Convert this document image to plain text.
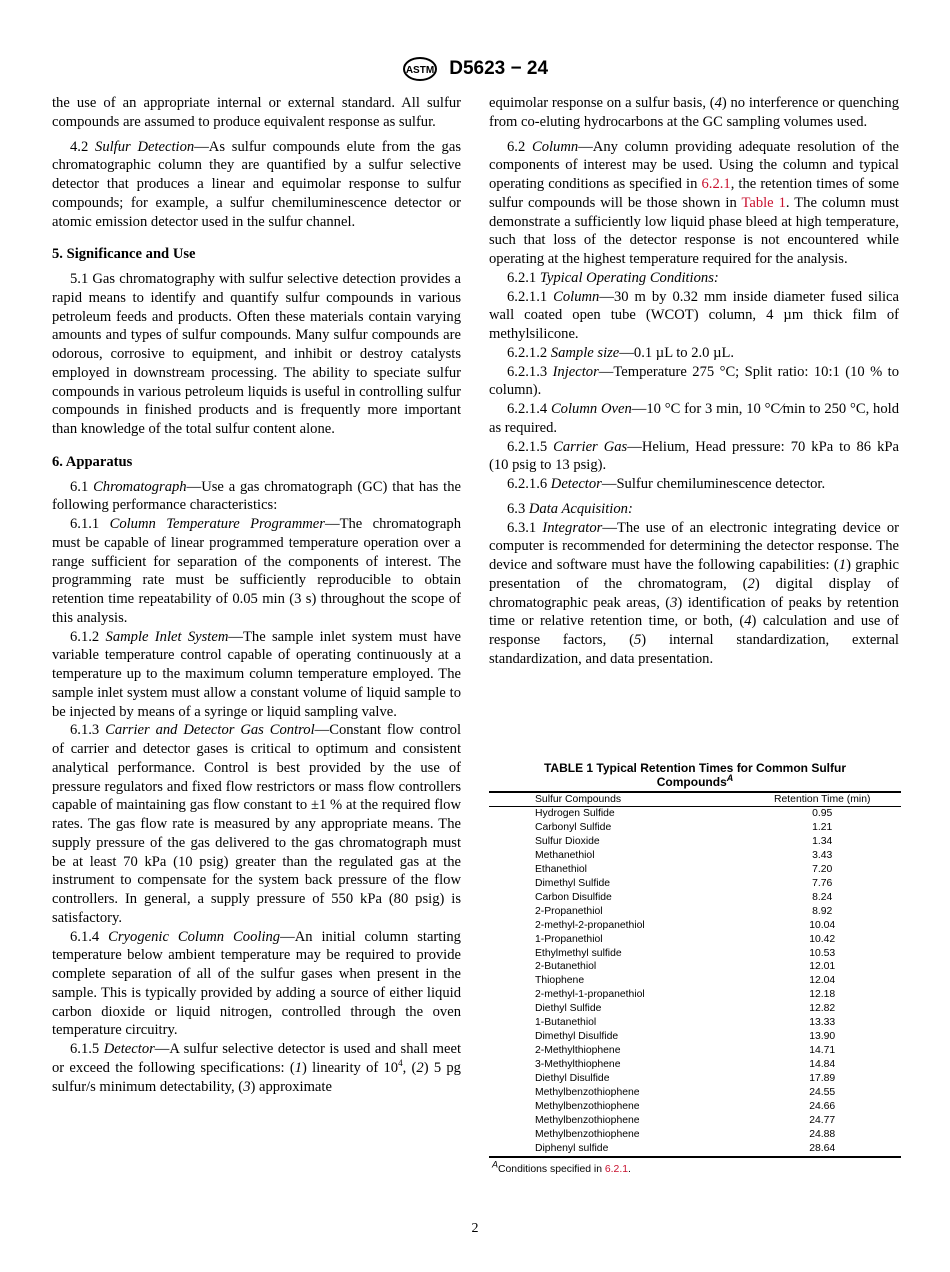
ASTM D5623 − 24

the use of an appropriate internal or external standard. All sulfur compounds are assumed to produce equivalent response as sulfur.

4.2 Sulfur Detection—As sulfur compounds elute from the gas chromatographic column they are quantified by a sulfur selective detector that produces a linear and equimolar response to sulfur compounds; for example, a sulfur chemiluminescence detector or atomic emission detector used in the sulfur channel.

5. Significance and Use

5.1 Gas chromatography with sulfur selective detection provides a rapid means to identify and quantify sulfur compounds in various petroleum feeds and products. Often these materials contain varying amounts and types of sulfur compounds. Many sulfur compounds are odorous, corrosive to equipment, and inhibit or destroy catalysts employed in downstream processing. The ability to speciate sulfur compounds in various petroleum liquids is useful in controlling sulfur compounds in finished products and is frequently more important than knowledge of the total sulfur content alone.

6. Apparatus

6.1 Chromatograph—Use a gas chromatograph (GC) that has the following performance characteristics:

6.1.1 Column Temperature Programmer—The chromatograph must be capable of linear programmed temperature operation over a range sufficient for separation of the components of interest. The programming rate must be sufficiently reproducible to obtain retention time repeatability of 0.05 min (3 s) throughout the scope of this analysis.

6.1.2 Sample Inlet System—The sample inlet system must have variable temperature control capable of operating continuously at a temperature up to the maximum column temperature employed. The sample inlet system must allow a constant volume of liquid sample to be injected by means of a syringe or liquid sampling valve.

6.1.3 Carrier and Detector Gas Control—Constant flow control of carrier and detector gases is critical to optimum and consistent analytical performance. Control is best provided by the use of pressure regulators and fixed flow restrictors or mass flow controllers capable of maintaining gas flow constant to ±1 % at the required flow rates. The gas flow rate is measured by any appropriate means. The supply pressure of the gas delivered to the gas chromatograph must be at least 70 kPa (10 psig) greater than the regulated gas at the instrument to compensate for the system back pressure of the flow controllers. In general, a supply pressure of 550 kPa (80 psig) is satisfactory.

6.1.4 Cryogenic Column Cooling—An initial column starting temperature below ambient temperature may be required to provide complete separation of all of the sulfur gases when present in the sample. This is typically provided by adding a source of either liquid carbon dioxide or liquid nitrogen, controlled through the oven temperature circuitry.

6.1.5 Detector—A sulfur selective detector is used and shall meet or exceed the following specifications: (1) linearity of $10^4$, (2) 5 pg sulfur/s minimum detectability, (3) approximate

equimolar response on a sulfur basis, (4) no interference or quenching from co-eluting hydrocarbons at the GC sampling volumes used.

6.2 Column—Any column providing adequate resolution of the components of interest may be used. Using the column and typical operating conditions as specified in 6.2.1, the retention times of some sulfur compounds will be those shown in Table 1. The column must demonstrate a sufficiently low liquid phase bleed at high temperature, such that loss of the detector response is not encountered while operating at the highest temperature required for the analysis.

6.2.1 Typical Operating Conditions:

6.2.1.1 Column—30 m by 0.32 mm inside diameter fused silica wall coated open tube (WCOT) column, 4 µm thick film of methylsilicone.

6.2.1.2 Sample size—0.1 µL to 2.0 µL.

6.2.1.3 Injector—Temperature 275 °C; Split ratio: 10:1 (10 % to column).

6.2.1.4 Column Oven—10 °C for 3 min, 10 °C⁄min to 250 °C, hold as required.

6.2.1.5 Carrier Gas—Helium, Head pressure: 70 kPa to 86 kPa (10 psig to 13 psig).

6.2.1.6 Detector—Sulfur chemiluminescence detector.

6.3 Data Acquisition:

6.3.1 Integrator—The use of an electronic integrating device or computer is recommended for determining the detector response. The device and software must have the following capabilities: (1) graphic presentation of the chromatogram, (2) digital display of chromatographic peak areas, (3) identification of peaks by retention time or relative retention time, or both, (4) calculation and use of response factors, (5) internal standardization, external standardization, and data presentation.

TABLE 1 Typical Retention Times for Common Sulfur Compounds$^A$
Sulfur Compounds	Retention Time (min)
Hydrogen Sulfide	0.95
Carbonyl Sulfide	1.21
Sulfur Dioxide	1.34
Methanethiol	3.43
Ethanethiol	7.20
Dimethyl Sulfide	7.76
Carbon Disulfide	8.24
2-Propanethiol	8.92
2-methyl-2-propanethiol	10.04
1-Propanethiol	10.42
Ethylmethyl sulfide	10.53
2-Butanethiol	12.01
Thiophene	12.04
2-methyl-1-propanethiol	12.18
Diethyl Sulfide	12.82
1-Butanethiol	13.33
Dimethyl Disulfide	13.90
2-Methylthiophene	14.71
3-Methylthiophene	14.84
Diethyl Disulfide	17.89
Methylbenzothiophene	24.55
Methylbenzothiophene	24.66
Methylbenzothiophene	24.77
Methylbenzothiophene	24.88
Diphenyl sulfide	28.64
$^A$Conditions specified in 6.2.1.
2
